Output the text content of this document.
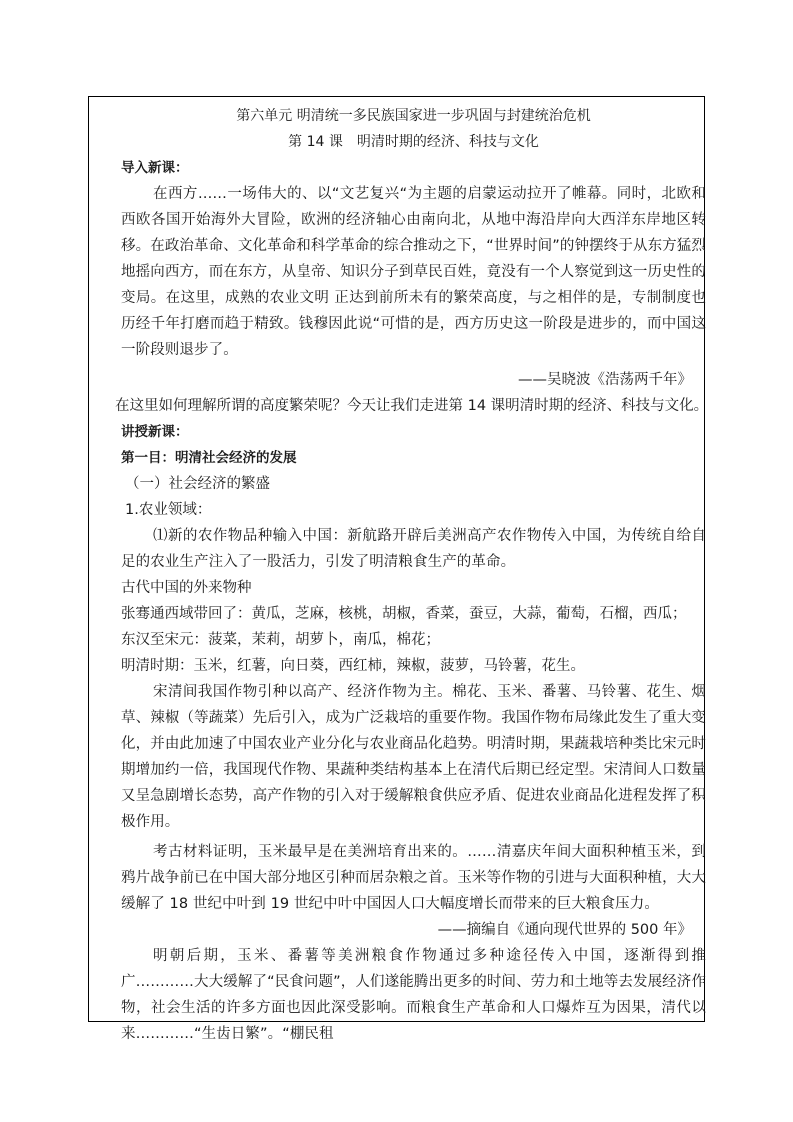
第六单元 明清统一多民族国家进一步巩固与封建统治危机

第 14 课　明清时期的经济、科技与文化

导入新课：

在西方……一场伟大的、以“文艺复兴“为主题的启蒙运动拉开了帷幕。同时，北欧和西欧各国开始海外大冒险，欧洲的经济轴心由南向北，从地中海沿岸向大西洋东岸地区转移。在政治革命、文化革命和科学革命的综合推动之下，“世界时间”的钟摆终于从东方猛烈地摇向西方，而在东方，从皇帝、知识分子到草民百姓，竟没有一个人察觉到这一历史性的变局。在这里，成熟的农业文明 正达到前所未有的繁荣高度，与之相伴的是，专制制度也历经千年打磨而趋于精致。钱穆因此说“可惜的是，西方历史这一阶段是进步的，而中国这一阶段则退步了。

——吴晓波《浩荡两千年》

在这里如何理解所谓的高度繁荣呢？今天让我们走进第 14 课明清时期的经济、科技与文化。

讲授新课：

第一目：明清社会经济的发展

（一）社会经济的繁盛

1.农业领域：

⑴新的农作物品种输入中国：新航路开辟后美洲高产农作物传入中国，为传统自给自足的农业生产注入了一股活力，引发了明清粮食生产的革命。

古代中国的外来物种

张骞通西域带回了：黄瓜，芝麻，核桃，胡椒，香菜，蚕豆，大蒜，葡萄，石榴，西瓜；

东汉至宋元：菠菜，茉莉，胡萝卜，南瓜，棉花；

明清时期：玉米，红薯，向日葵，西红柿，辣椒，菠萝，马铃薯，花生。

宋清间我国作物引种以高产、经济作物为主。棉花、玉米、番薯、马铃薯、花生、烟草、辣椒（等蔬菜）先后引入，成为广泛栽培的重要作物。我国作物布局缘此发生了重大变化，并由此加速了中国农业产业分化与农业商品化趋势。明清时期，果蔬栽培种类比宋元时期增加约一倍，我国现代作物、果蔬种类结构基本上在清代后期已经定型。宋清间人口数量又呈急剧增长态势，高产作物的引入对于缓解粮食供应矛盾、促进农业商品化进程发挥了积极作用。

考古材料证明，玉米最早是在美洲培育出来的。……清嘉庆年间大面积种植玉米，到鸦片战争前已在中国大部分地区引种而居杂粮之首。玉米等作物的引进与大面积种植，大大缓解了 18 世纪中叶到 19 世纪中叶中国因人口大幅度增长而带来的巨大粮食压力。

——摘编自《通向现代世界的 500 年》

明朝后期，玉米、番薯等美洲粮食作物通过多种途径传入中国，逐渐得到推广…………大大缓解了“民食问题”，人们遂能腾出更多的时间、劳力和土地等去发展经济作物，社会生活的许多方面也因此深受影响。而粮食生产革命和人口爆炸互为因果，清代以来…………“生齿日繁”。“棚民租
